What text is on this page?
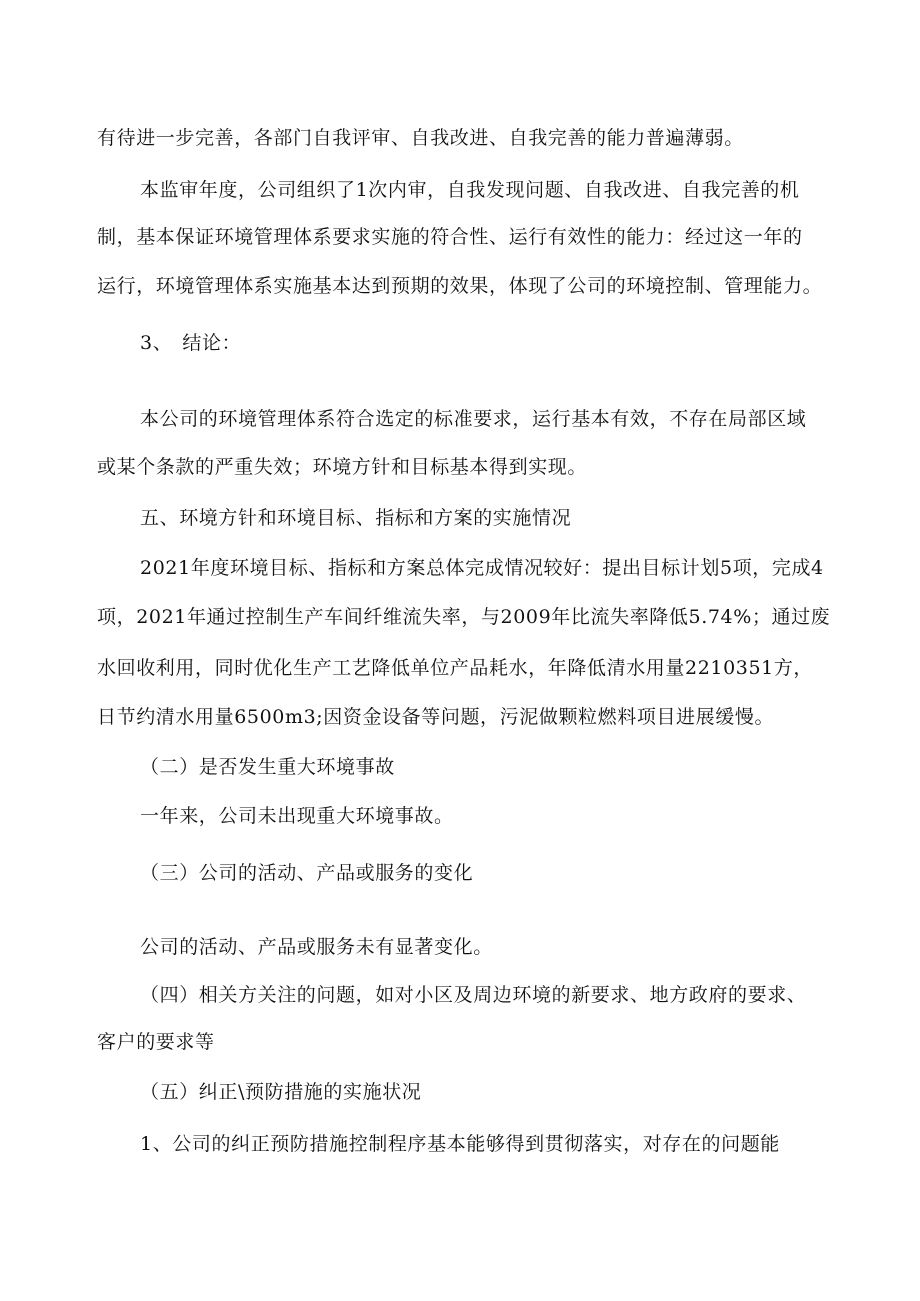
有待进一步完善，各部门自我评审、自我改进、自我完善的能力普遍薄弱。
本监审年度，公司组织了1次内审，自我发现问题、自我改进、自我完善的机
制，基本保证环境管理体系要求实施的符合性、运行有效性的能力：经过这一年的
运行，环境管理体系实施基本达到预期的效果，体现了公司的环境控制、管理能力。
3、　结论：
本公司的环境管理体系符合选定的标准要求，运行基本有效，不存在局部区域
或某个条款的严重失效；环境方针和目标基本得到实现。
五、环境方针和环境目标、指标和方案的实施情况
2021年度环境目标、指标和方案总体完成情况较好：提出目标计划5项，完成4
项，2021年通过控制生产车间纤维流失率，与2009年比流失率降低5.74%；通过废
水回收利用，同时优化生产工艺降低单位产品耗水，年降低清水用量2210351方，
日节约清水用量6500m3;因资金设备等问题，污泥做颗粒燃料项目进展缓慢。
（二）是否发生重大环境事故
一年来，公司未出现重大环境事故。
（三）公司的活动、产品或服务的变化
公司的活动、产品或服务未有显著变化。
（四）相关方关注的问题，如对小区及周边环境的新要求、地方政府的要求、
客户的要求等
（五）纠正\预防措施的实施状况
1、公司的纠正预防措施控制程序基本能够得到贯彻落实，对存在的问题能
